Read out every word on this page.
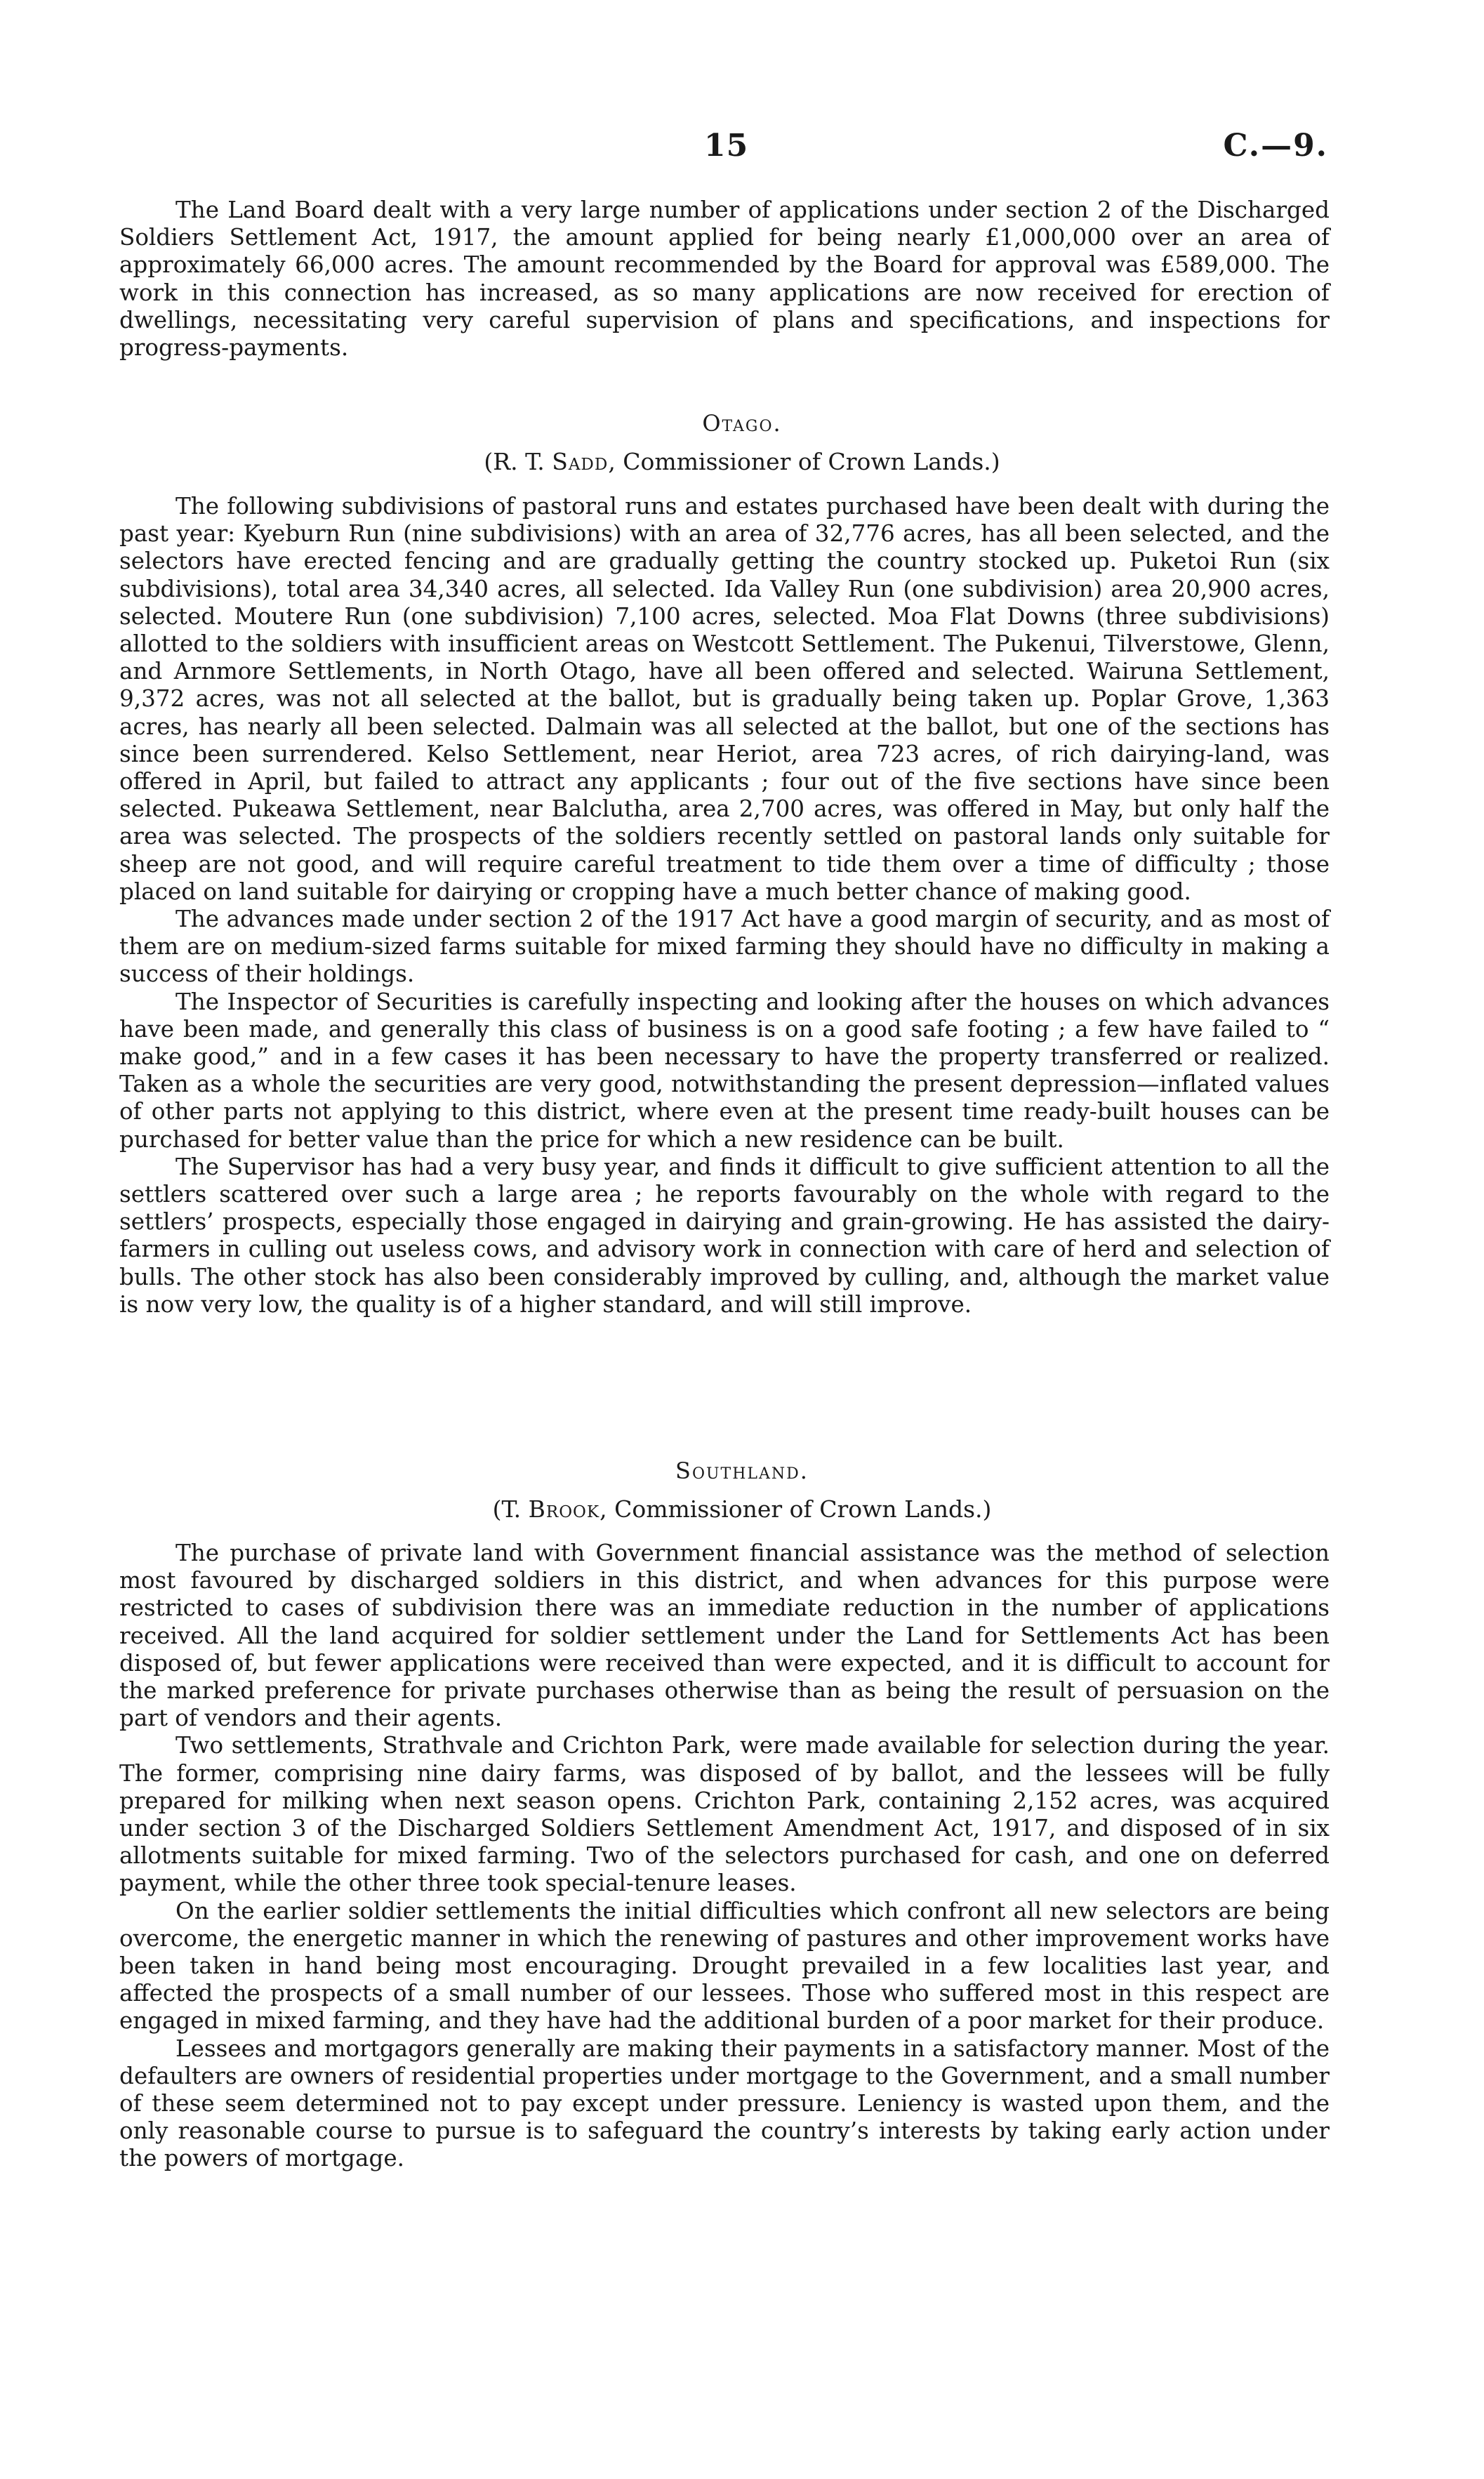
15	C.—9.

The Land Board dealt with a very large number of applications under section 2 of the Discharged Soldiers Settlement Act, 1917, the amount applied for being nearly £1,000,000 over an area of approximately 66,000 acres. The amount recommended by the Board for approval was £589,000. The work in this connection has increased, as so many applications are now received for erection of dwellings, necessitating very careful supervision of plans and specifications, and inspections for progress-payments.

Otago.
(R. T. Sadd, Commissioner of Crown Lands.)

The following subdivisions of pastoral runs and estates purchased have been dealt with during the past year: Kyeburn Run (nine subdivisions) with an area of 32,776 acres, has all been selected, and the selectors have erected fencing and are gradually getting the country stocked up. Puketoi Run (six subdivisions), total area 34,340 acres, all selected. Ida Valley Run (one subdivision) area 20,900 acres, selected. Moutere Run (one subdivision) 7,100 acres, selected. Moa Flat Downs (three subdivisions) allotted to the soldiers with insufficient areas on Westcott Settlement. The Pukenui, Tilverstowe, Glenn, and Arnmore Settlements, in North Otago, have all been offered and selected. Wairuna Settlement, 9,372 acres, was not all selected at the ballot, but is gradually being taken up. Poplar Grove, 1,363 acres, has nearly all been selected. Dalmain was all selected at the ballot, but one of the sections has since been surrendered. Kelso Settlement, near Heriot, area 723 acres, of rich dairying-land, was offered in April, but failed to attract any applicants ; four out of the five sections have since been selected. Pukeawa Settlement, near Balclutha, area 2,700 acres, was offered in May, but only half the area was selected. The prospects of the soldiers recently settled on pastoral lands only suitable for sheep are not good, and will require careful treatment to tide them over a time of difficulty ; those placed on land suitable for dairying or cropping have a much better chance of making good.

The advances made under section 2 of the 1917 Act have a good margin of security, and as most of them are on medium-sized farms suitable for mixed farming they should have no difficulty in making a success of their holdings.

The Inspector of Securities is carefully inspecting and looking after the houses on which advances have been made, and generally this class of business is on a good safe footing ; a few have failed to “ make good,” and in a few cases it has been necessary to have the property transferred or realized. Taken as a whole the securities are very good, notwithstanding the present depression—inflated values of other parts not applying to this district, where even at the present time ready-built houses can be purchased for better value than the price for which a new residence can be built.

The Supervisor has had a very busy year, and finds it difficult to give sufficient attention to all the settlers scattered over such a large area ; he reports favourably on the whole with regard to the settlers’ prospects, especially those engaged in dairying and grain-growing. He has assisted the dairy-farmers in culling out useless cows, and advisory work in connection with care of herd and selection of bulls. The other stock has also been considerably improved by culling, and, although the market value is now very low, the quality is of a higher standard, and will still improve.

Southland.
(T. Brook, Commissioner of Crown Lands.)

The purchase of private land with Government financial assistance was the method of selection most favoured by discharged soldiers in this district, and when advances for this purpose were restricted to cases of subdivision there was an immediate reduction in the number of applications received. All the land acquired for soldier settlement under the Land for Settlements Act has been disposed of, but fewer applications were received than were expected, and it is difficult to account for the marked preference for private purchases otherwise than as being the result of persuasion on the part of vendors and their agents.

Two settlements, Strathvale and Crichton Park, were made available for selection during the year. The former, comprising nine dairy farms, was disposed of by ballot, and the lessees will be fully prepared for milking when next season opens. Crichton Park, containing 2,152 acres, was acquired under section 3 of the Discharged Soldiers Settlement Amendment Act, 1917, and disposed of in six allotments suitable for mixed farming. Two of the selectors purchased for cash, and one on deferred payment, while the other three took special-tenure leases.

On the earlier soldier settlements the initial difficulties which confront all new selectors are being overcome, the energetic manner in which the renewing of pastures and other improvement works have been taken in hand being most encouraging. Drought prevailed in a few localities last year, and affected the prospects of a small number of our lessees. Those who suffered most in this respect are engaged in mixed farming, and they have had the additional burden of a poor market for their produce.

Lessees and mortgagors generally are making their payments in a satisfactory manner. Most of the defaulters are owners of residential properties under mortgage to the Government, and a small number of these seem determined not to pay except under pressure. Leniency is wasted upon them, and the only reasonable course to pursue is to safeguard the country’s interests by taking early action under the powers of mortgage.
